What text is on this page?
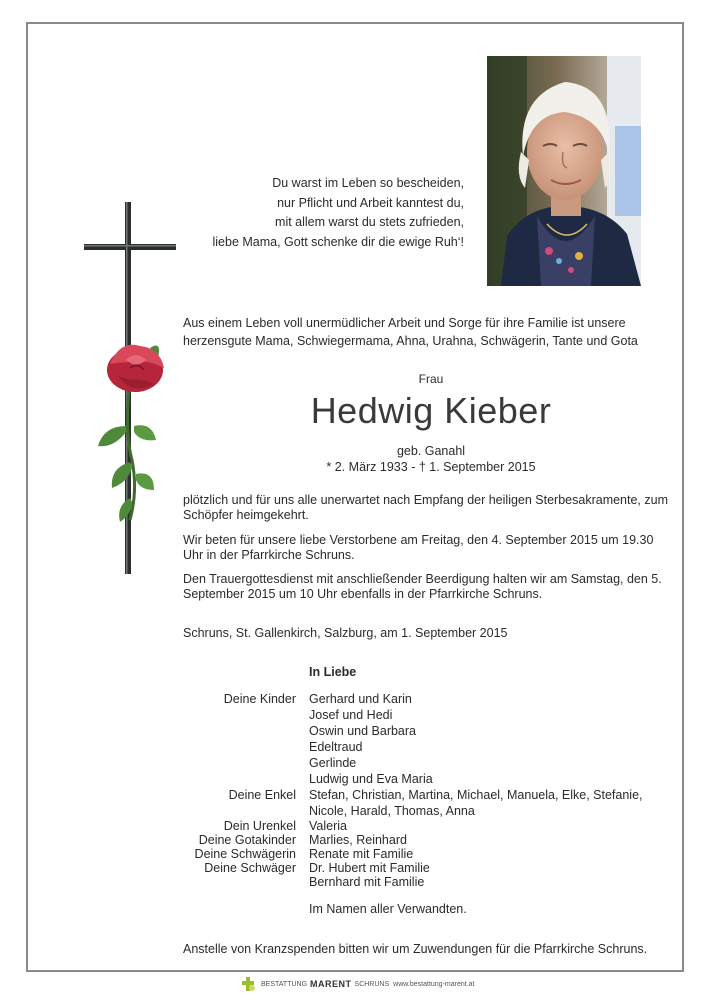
Du warst im Leben so bescheiden,
nur Pflicht und Arbeit kanntest du,
mit allem warst du stets zufrieden,
liebe Mama, Gott schenke dir die ewige Ruh‘!
Aus einem Leben voll unermüdlicher Arbeit und Sorge für ihre Familie ist unsere herzensgute Mama, Schwiegermama, Ahna, Urahna, Schwägerin, Tante und Gota
Frau
Hedwig Kieber
geb. Ganahl
* 2. März 1933 - † 1. September 2015
plötzlich und für uns alle unerwartet nach Empfang der heiligen Sterbesakramente, zum Schöpfer heimgekehrt.
Wir beten für unsere liebe Verstorbene am Freitag, den 4. September 2015 um 19.30 Uhr in der Pfarrkirche Schruns.
Den Trauergottesdienst mit anschließender Beerdigung halten wir am Samstag, den 5. September 2015 um 10 Uhr ebenfalls in der Pfarrkirche Schruns.
Schruns, St. Gallenkirch, Salzburg, am 1. September 2015
In Liebe
Deine Kinder	Gerhard und Karin
Josef und Hedi
Oswin und Barbara
Edeltraud
Gerlinde
Ludwig und Eva Maria
Deine Enkel	Stefan, Christian, Martina, Michael, Manuela, Elke, Stefanie,
Nicole, Harald, Thomas, Anna
Dein Urenkel	Valeria
Deine Gotakinder	Marlies, Reinhard
Deine Schwägerin	Renate mit Familie
Deine Schwäger	Dr. Hubert mit Familie
Bernhard mit Familie
Im Namen aller Verwandten.
Anstelle von Kranzspenden bitten wir um Zuwendungen für die Pfarrkirche Schruns.
BESTATTUNG MARENT SCHRUNS www.bestattung-marent.at
